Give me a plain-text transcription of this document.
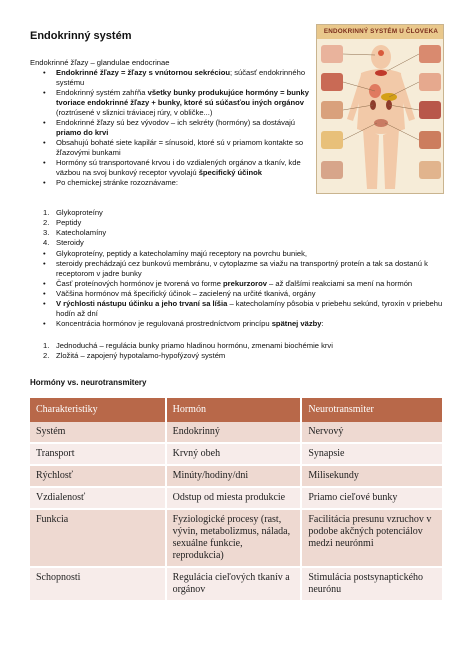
Endokrinný systém	ENDOKRINNÝ SYSTÉM U ČLOVEKA
Endokrinné žľazy – glandulae endocrinae
• Endokrinné žľazy = žľazy s vnútornou sekréciou; súčasť endokrinného systému
• Endokrinný systém zahŕňa všetky bunky produkujúce hormóny = bunky tvoriace endokrinné žľazy + bunky, ktoré sú súčasťou iných orgánov (roztrúsené v sliznici tráviacej rúry, v obličke...)
• Endokrinné žľazy sú bez vývodov – ich sekréty (hormóny) sa dostávajú priamo do krvi
• Obsahujú bohaté siete kapilár = sínusoid, ktoré sú v priamom kontakte so žľazovými bunkami
• Hormóny sú transportované krvou i do vzdialených orgánov a tkanív, kde väzbou na svoj bunkový receptor vyvolajú špecifický účinok
• Po chemickej stránke rozoznávame:
1. Glykoproteíny
2. Peptidy
3. Katecholamíny
4. Steroidy
• Glykoproteíny, peptidy a katecholamíny majú receptory na povrchu buniek,
• steroidy prechádzajú cez bunkovú membránu, v cytoplazme sa viažu na transportný proteín a tak sa dostanú k receptorom v jadre bunky
• Časť proteínových hormónov je tvorená vo forme prekurzorov – až ďalšími reakciami sa mení na hormón
• Väčšina hormónov má špecifický účinok – zacielený na určité tkanivá, orgány
• V rýchlosti nástupu účinku a jeho trvaní sa líšia – katecholamíny pôsobia v priebehu sekúnd, tyroxín v priebehu hodín až dní
• Koncentrácia hormónov je regulovaná prostredníctvom princípu spätnej väzby:
1. Jednoduchá – regulácia bunky priamo hladinou hormónu, zmenami biochémie krvi
2. Zložitá – zapojený hypotalamo-hypofýzový systém
Hormóny vs. neurotransmitery
Charakteristiky	Hormón	Neurotransmiter
Systém	Endokrinný	Nervový
Transport	Krvný obeh	Synapsie
Rýchlosť	Minúty/hodiny/dni	Milisekundy
Vzdialenosť	Odstup od miesta produkcie	Priamo cieľové bunky
Funkcia	Fyziologické procesy (rast, vývin, metabolizmus, nálada, sexuálne funkcie, reprodukcia)	Facilitácia presunu vzruchov v podobe akčných potenciálov medzi neurónmi
Schopnosti	Regulácia cieľových tkanív a orgánov	Stimulácia postsynaptického neurónu
